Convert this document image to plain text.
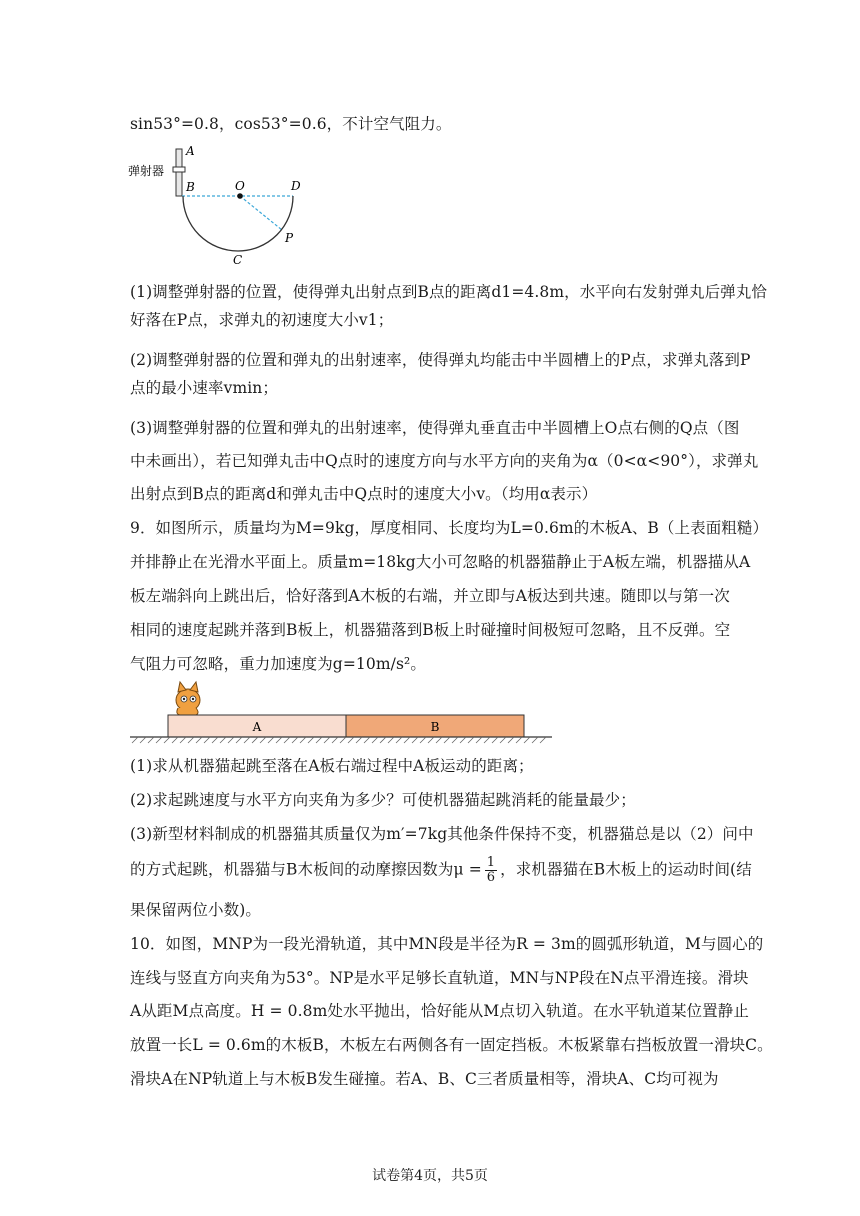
sin53°=0.8，cos53°=0.6，不计空气阻力。
弹射器
A
B	O	D
P
C
(1)调整弹射器的位置，使得弹丸出射点到B点的距离d1=4.8m，水平向右发射弹丸后弹丸恰
好落在P点，求弹丸的初速度大小v1；
(2)调整弹射器的位置和弹丸的出射速率，使得弹丸均能击中半圆槽上的P点，求弹丸落到P
点的最小速率vmin；
(3)调整弹射器的位置和弹丸的出射速率，使得弹丸垂直击中半圆槽上O点右侧的Q点（图
中未画出），若已知弹丸击中Q点时的速度方向与水平方向的夹角为α（0<α<90°），求弹丸
出射点到B点的距离d和弹丸击中Q点时的速度大小v。（均用α表示）
9．如图所示，质量均为M=9kg，厚度相同、长度均为L=0.6m的木板A、B（上表面粗糙）
并排静止在光滑水平面上。质量m=18kg大小可忽略的机器猫静止于A板左端，机器描从A
板左端斜向上跳出后，恰好落到A木板的右端，并立即与A板达到共速。随即以与第一次
相同的速度起跳并落到B板上，机器猫落到B板上时碰撞时间极短可忽略，且不反弹。空
气阻力可忽略，重力加速度为g=10m/s²。
A	B
(1)求从机器猫起跳至落在A板右端过程中A板运动的距离；
(2)求起跳速度与水平方向夹角为多少？可使机器猫起跳消耗的能量最少；
(3)新型材料制成的机器猫其质量仅为m′=7kg其他条件保持不变，机器猫总是以（2）问中
的方式起跳，机器猫与B木板间的动摩擦因数为$\mu = \frac{1}{6}$ ，求机器猫在B木板上的运动时间(结
果保留两位小数)。
10．如图，MNP为一段光滑轨道，其中MN段是半径为R = 3m的圆弧形轨道，M与圆心的
连线与竖直方向夹角为53°。NP是水平足够长直轨道，MN与NP段在N点平滑连接。滑块
A从距M点高度。H = 0.8m处水平抛出，恰好能从M点切入轨道。在水平轨道某位置静止
放置一长L = 0.6m的木板B，木板左右两侧各有一固定挡板。木板紧靠右挡板放置一滑块C。
滑块A在NP轨道上与木板B发生碰撞。若A、B、C三者质量相等，滑块A、C均可视为
试卷第4页，共5页
